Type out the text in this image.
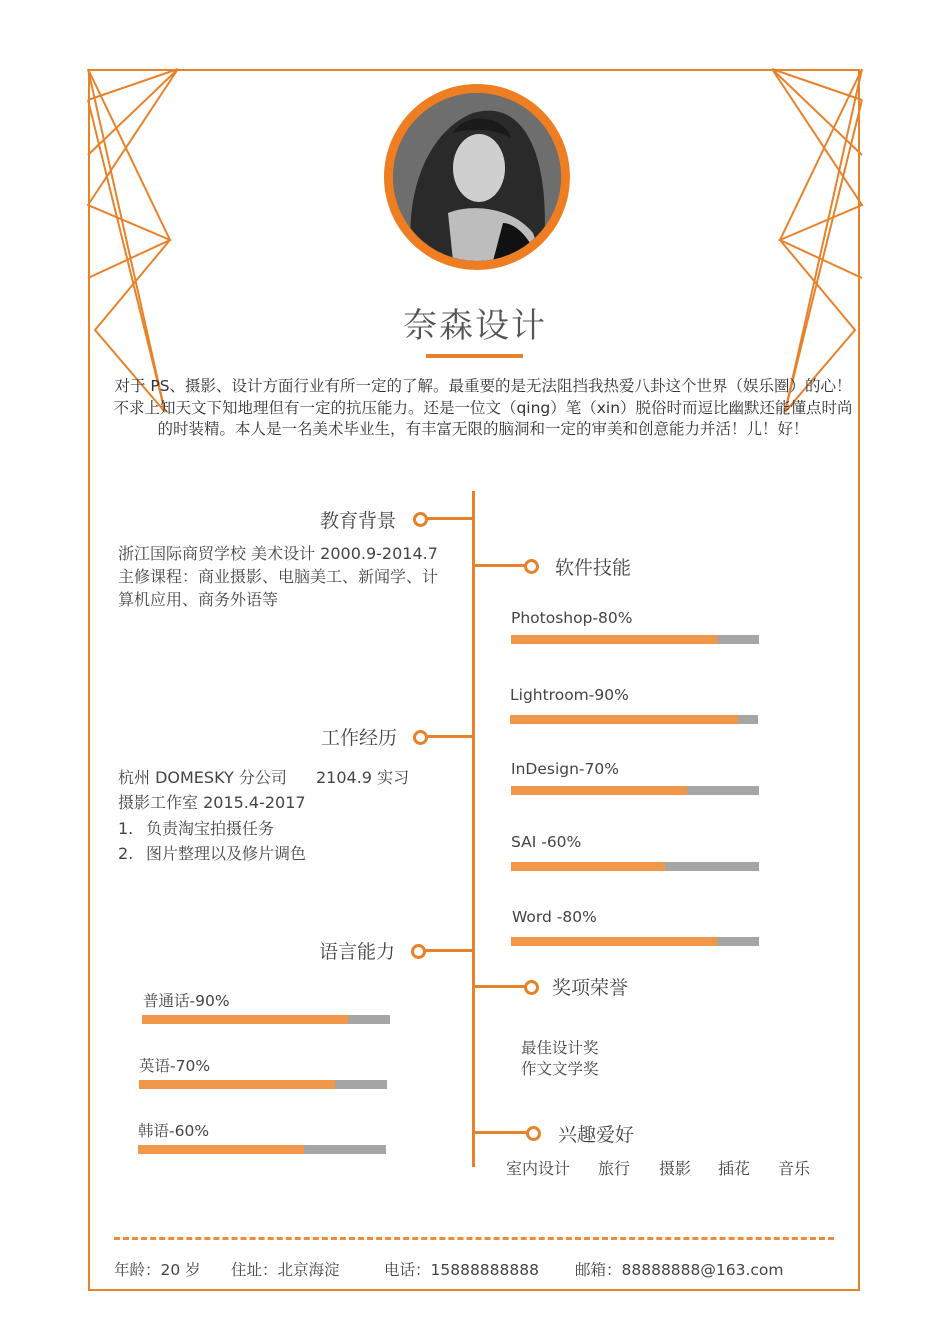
奈森设计
对于 PS、摄影、设计方面行业有所一定的了解。最重要的是无法阻挡我热爱八卦这个世界（娱乐圈）的心！不求上知天文下知地理但有一定的抗压能力。还是一位文（qing）笔（xin）脱俗时而逗比幽默还能懂点时尚的时装精。本人是一名美术毕业生，有丰富无限的脑洞和一定的审美和创意能力并活！儿！好！
教育背景
浙江国际商贸学校 美术设计 2000.9-2014.7
主修课程：商业摄影、电脑美工、新闻学、计
算机应用、商务外语等
工作经历
杭州 DOMESKY 分公司 2104.9 实习
摄影工作室 2015.4-2017
1. 负责淘宝拍摄任务
2. 图片整理以及修片调色
语言能力
普通话-90%
英语-70%
韩语-60%
软件技能
Photoshop-80%
Lightroom-90%
InDesign-70%
SAI -60%
Word -80%
奖项荣誉
最佳设计奖
作文文学奖
兴趣爱好
室内设计 旅行 摄影 插花 音乐
年龄：20 岁 住址：北京海淀	电话：15888888888 邮箱：88888888@163.com
